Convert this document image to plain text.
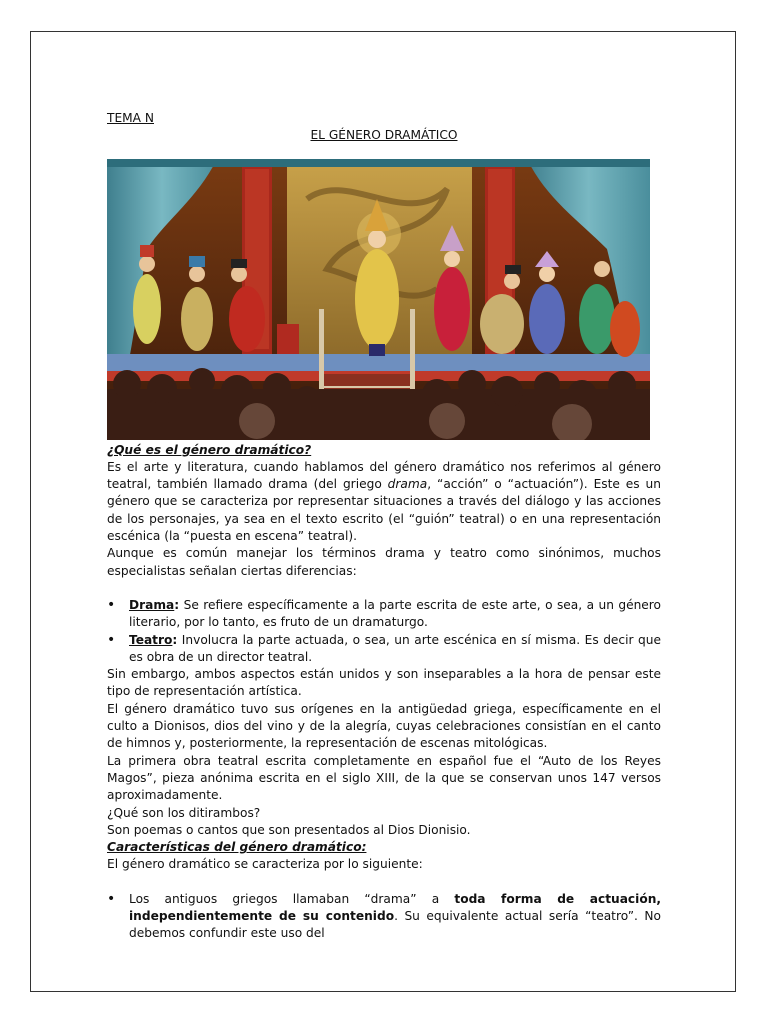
TEMA N

EL GÉNERO DRAMÁTICO

¿Qué es el género dramático?

Es el arte y literatura, cuando hablamos del género dramático nos referimos al género teatral, también llamado drama (del griego drama, “acción” o “actuación”). Este es un género que se caracteriza por representar situaciones a través del diálogo y las acciones de los personajes, ya sea en el texto escrito (el “guión” teatral) o en una representación escénica (la “puesta en escena” teatral).

Aunque es común manejar los términos drama y teatro como sinónimos, muchos especialistas señalan ciertas diferencias:

• Drama: Se refiere específicamente a la parte escrita de este arte, o sea, a un género literario, por lo tanto, es fruto de un dramaturgo.
• Teatro: Involucra la parte actuada, o sea, un arte escénica en sí misma. Es decir que es obra de un director teatral.

Sin embargo, ambos aspectos están unidos y son inseparables a la hora de pensar este tipo de representación artística.

El género dramático tuvo sus orígenes en la antigüedad griega, específicamente en el culto a Dionisos, dios del vino y de la alegría, cuyas celebraciones consistían en el canto de himnos y, posteriormente, la representación de escenas mitológicas.

La primera obra teatral escrita completamente en español fue el “Auto de los Reyes Magos”, pieza anónima escrita en el siglo XIII, de la que se conservan unos 147 versos aproximadamente.

¿Qué son los ditirambos?

Son poemas o cantos que son presentados al Dios Dionisio.

Características del género dramático:

El género dramático se caracteriza por lo siguiente:

• Los antiguos griegos llamaban “drama” a toda forma de actuación, independientemente de su contenido. Su equivalente actual sería “teatro”. No debemos confundir este uso del
